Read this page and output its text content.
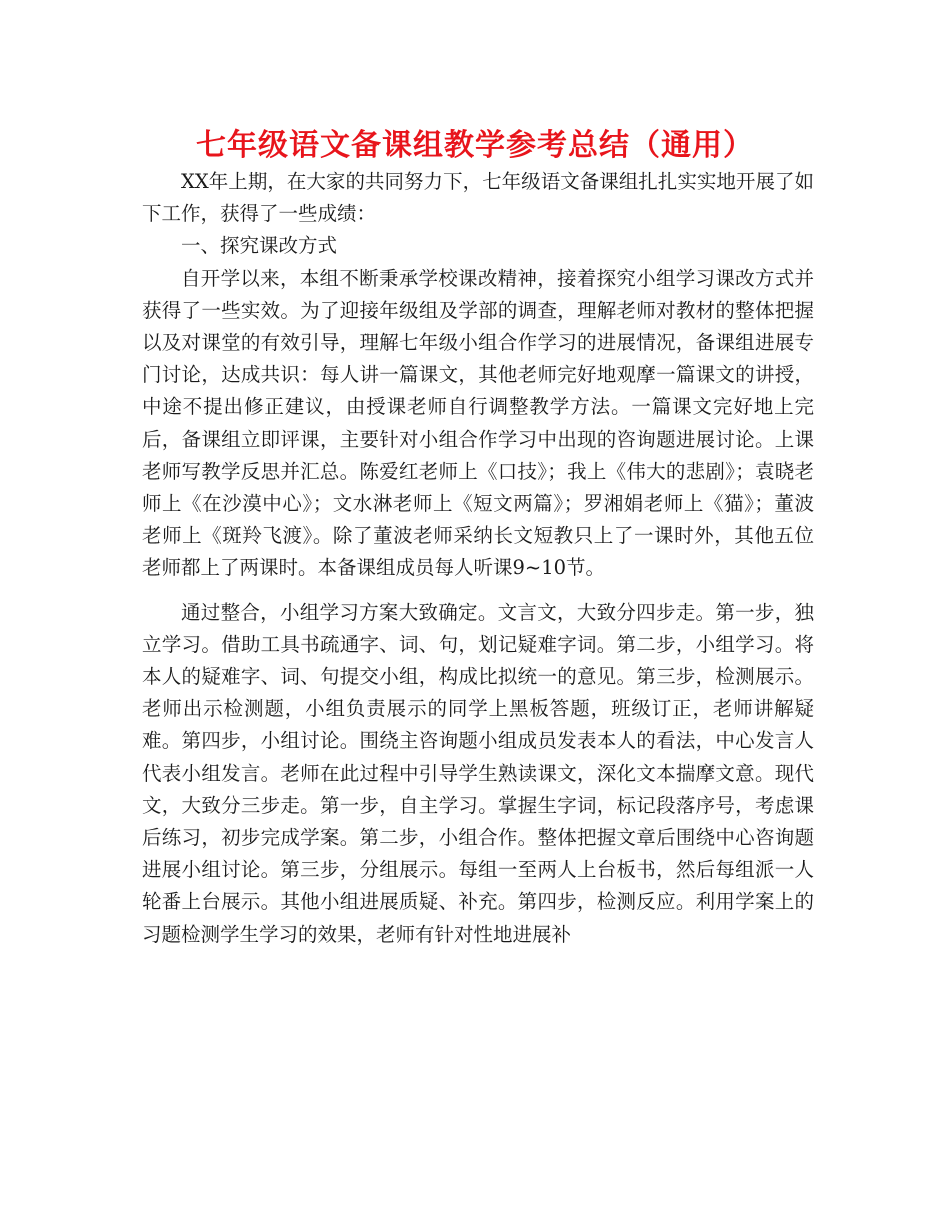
七年级语文备课组教学参考总结（通用）

XX年上期，在大家的共同努力下，七年级语文备课组扎扎实实地开展了如下工作，获得了一些成绩：

一、探究课改方式

自开学以来，本组不断秉承学校课改精神，接着探究小组学习课改方式并获得了一些实效。为了迎接年级组及学部的调查，理解老师对教材的整体把握以及对课堂的有效引导，理解七年级小组合作学习的进展情况，备课组进展专门讨论，达成共识：每人讲一篇课文，其他老师完好地观摩一篇课文的讲授，中途不提出修正建议，由授课老师自行调整教学方法。一篇课文完好地上完后，备课组立即评课，主要针对小组合作学习中出现的咨询题进展讨论。上课老师写教学反思并汇总。陈爱红老师上《口技》；我上《伟大的悲剧》；袁晓老师上《在沙漠中心》；文水淋老师上《短文两篇》；罗湘娟老师上《猫》；董波老师上《斑羚飞渡》。除了董波老师采纳长文短教只上了一课时外，其他五位老师都上了两课时。本备课组成员每人听课9~10节。

通过整合，小组学习方案大致确定。文言文，大致分四步走。第一步，独立学习。借助工具书疏通字、词、句，划记疑难字词。第二步，小组学习。将本人的疑难字、词、句提交小组，构成比拟统一的意见。第三步，检测展示。老师出示检测题，小组负责展示的同学上黑板答题，班级订正，老师讲解疑难。第四步，小组讨论。围绕主咨询题小组成员发表本人的看法，中心发言人代表小组发言。老师在此过程中引导学生熟读课文，深化文本揣摩文意。现代文，大致分三步走。第一步，自主学习。掌握生字词，标记段落序号，考虑课后练习，初步完成学案。第二步，小组合作。整体把握文章后围绕中心咨询题进展小组讨论。第三步，分组展示。每组一至两人上台板书，然后每组派一人轮番上台展示。其他小组进展质疑、补充。第四步，检测反应。利用学案上的习题检测学生学习的效果，老师有针对性地进展补
